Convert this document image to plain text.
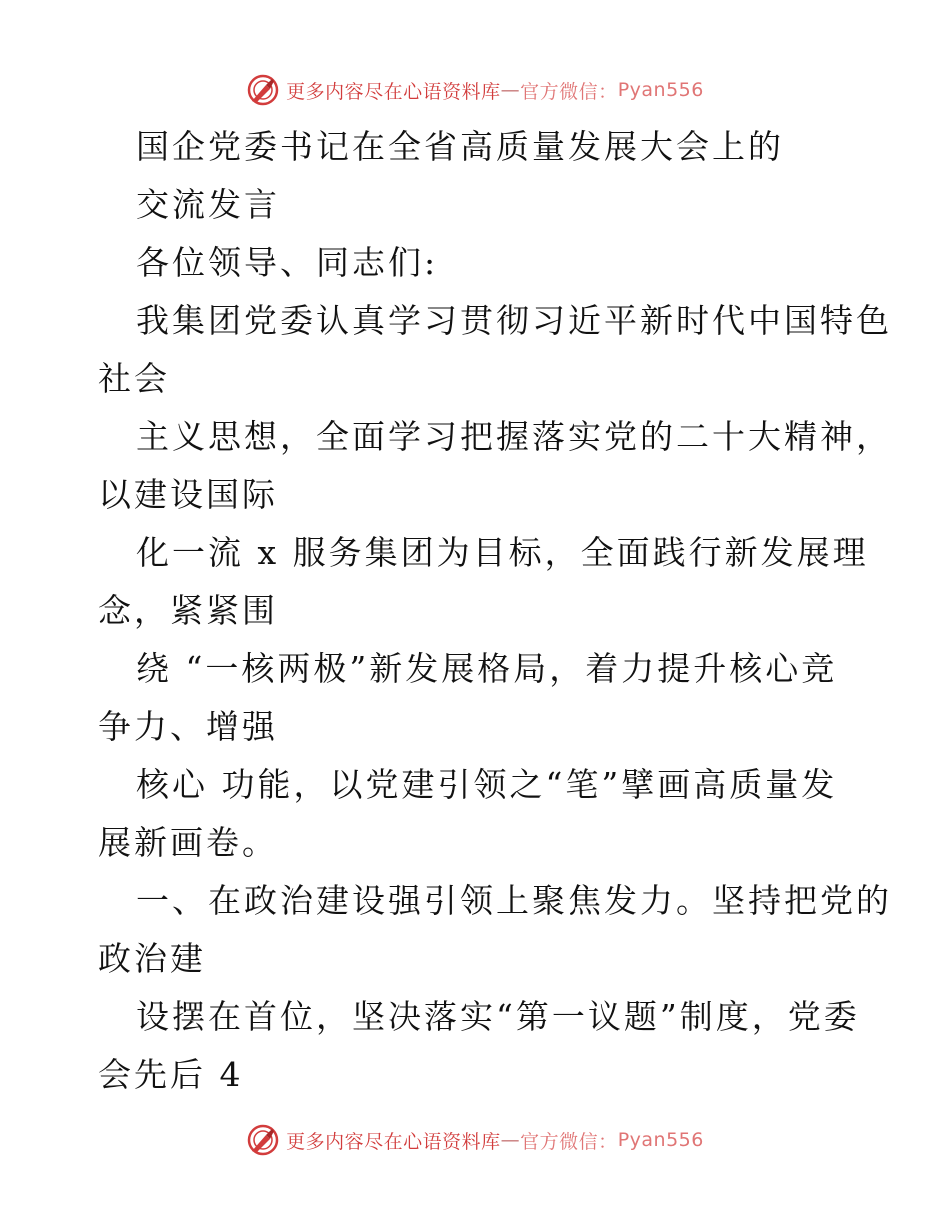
更多内容尽在心语资料库 — 官方微信： Pyan556
国企党委书记在全省高质量发展大会上的
交流发言
各位领导、同志们:
我集团党委认真学习贯彻习近平新时代中国特色
社会
主义思想，全面学习把握落实党的二十大精神，
以建设国际
化一流 x 服务集团为目标，全面践行新发展理
念，紧紧围
绕 “一核两极”新发展格局，着力提升核心竞
争力、增强
核心 功能，以党建引领之“笔”擘画高质量发
展新画卷。
一、在政治建设强引领上聚焦发力。坚持把党的
政治建
设摆在首位，坚决落实“第一议题”制度，党委
会先后 4
更多内容尽在心语资料库 — 官方微信： Pyan556
